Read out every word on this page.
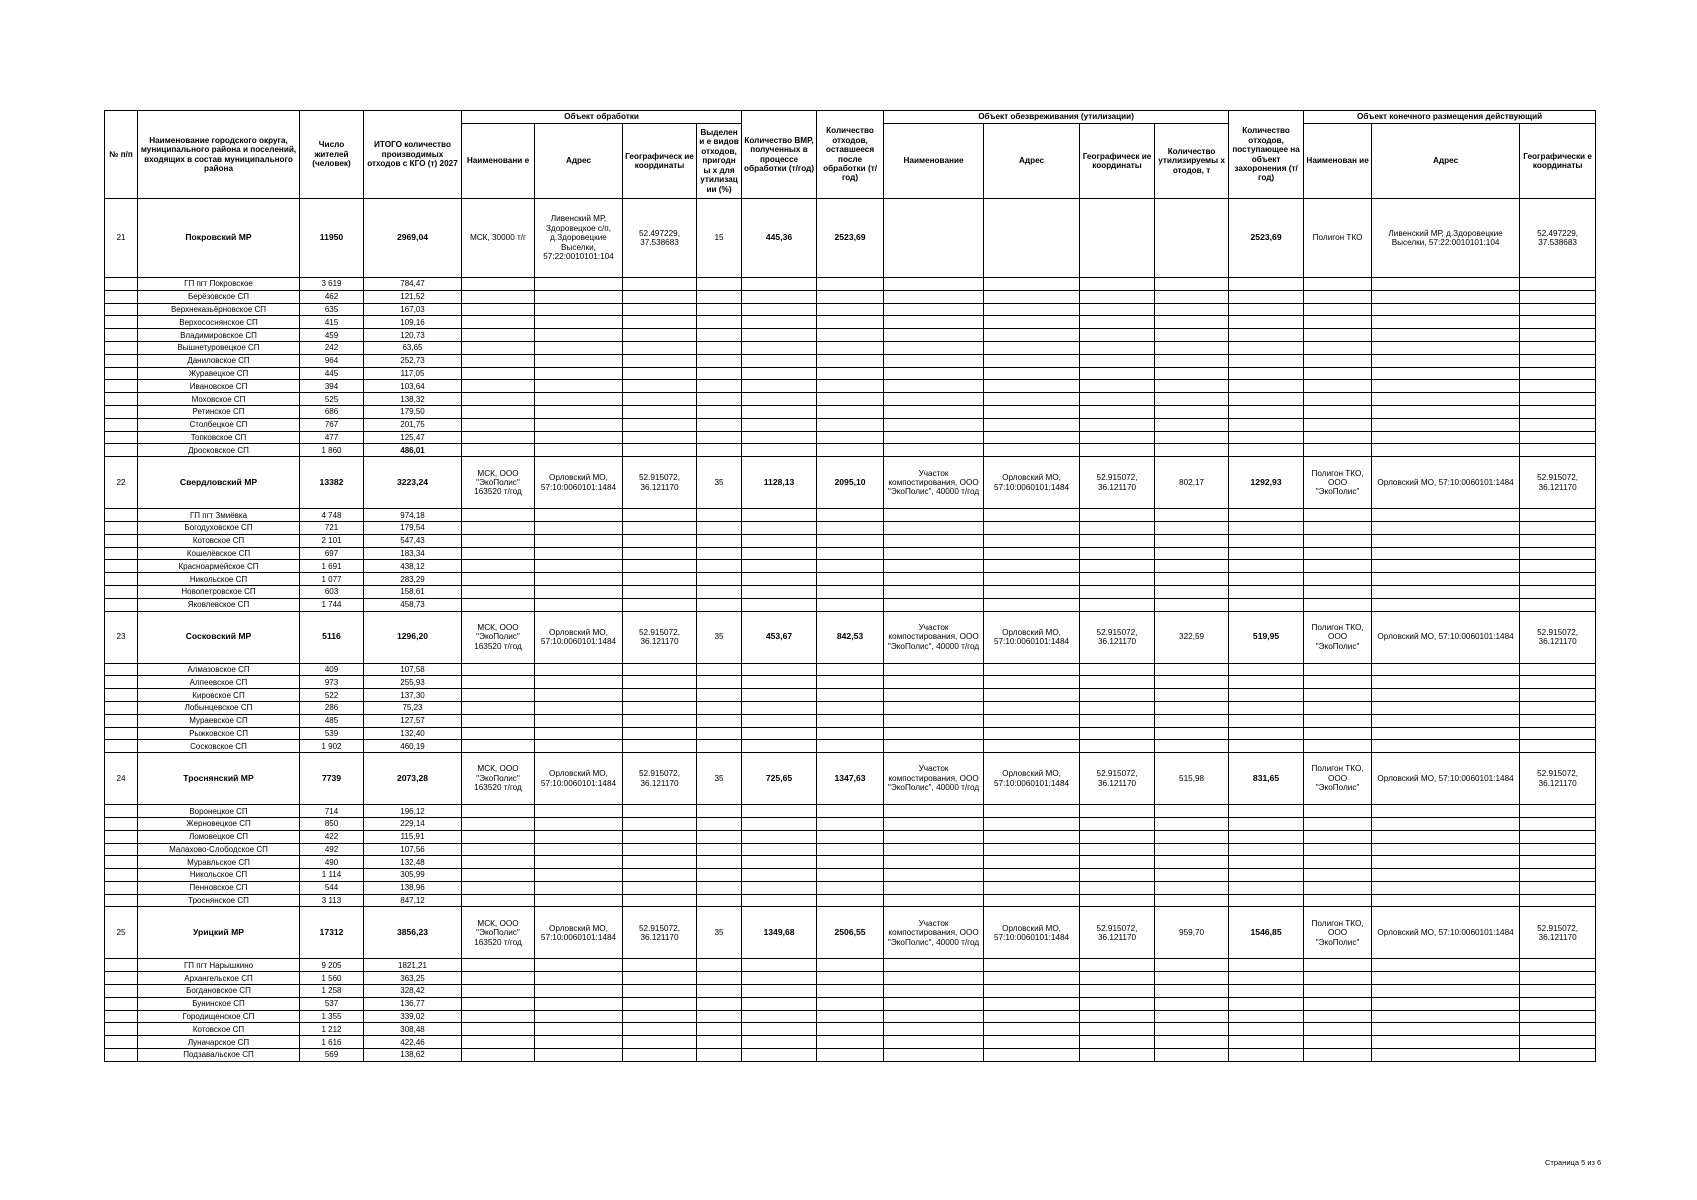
№ п/п	Наименование городского округа, муниципального района и поселений, входящих в состав муниципального района	Число жителей (человек)	ИТОГО количество производимых отходов с КГО (т) 2027	Объект обработки				Количество ВМР, полученных в процессе обработки (т/год)	Количество отходов, оставшееся после обработки (т/год)	Объект обезвреживания (утилизации)				Количество отходов, поступающее на объект захоронения (т/год)	Объект конечного размещения действующий		
				Наименовани е	Адрес	Географическ ие координаты	Выделени е видов отходов, пригодны х для утилизац ии (%)			Наименование	Адрес	Географическ ие координаты	Количество утилизируемы х отодов, т		Наименован ие	Адрес	Географически е координаты
21	Покровский МР	11950	2969,04	МСК, 30000 т/г	Ливенский МР, Здоровецкое с/п, д.Здоровецкие Выселки, 57:22:0010101:104	52.497229, 37.538683	15	445,36	2523,69					2523,69	Полигон ТКО	Ливенский МР, д.Здоровецкие Выселки, 57:22:0010101:104	52.497229, 37.538683
	ГП пгт Покровское	3 619	784,47														
	Берёзовское СП	462	121,52														
	Верхнеказьёрновское СП	635	167,03														
	Верхососнянское СП	415	109,16														
	Владимировское СП	459	120,73														
	Вышнетуровецкое СП	242	63,65														
	Даниловское СП	964	252,73														
	Журавецкое СП	445	117,05														
	Ивановское СП	394	103,64														
	Моховское СП	525	138,32														
	Ретинское СП	686	179,50														
	Столбецкое СП	767	201,75														
	Топковское СП	477	125,47														
	Дросковское СП	1 860	486,01														
22	Свердловский МР	13382	3223,24	МСК, ООО "ЭкоПолис" 163520 т/год	Орловский МО, 57:10:0060101:1484	52.915072, 36.121170	35	1128,13	2095,10	Участок компостирования, ООО "ЭкоПолис", 40000 т/год	Орловский МО, 57:10:0060101:1484	52.915072, 36.121170	802,17	1292,93	Полигон ТКО, ООО "ЭкоПолис"	Орловский МО, 57:10:0060101:1484	52.915072, 36.121170
	ГП пгт Змиёвка	4 748	974,18														
	Богодуховское СП	721	179,54														
	Котовское СП	2 101	547,43														
	Кошелёвское СП	697	183,34														
	Красноармейское СП	1 691	438,12														
	Никольское СП	1 077	283,29														
	Новопетровское СП	603	158,61														
	Яковлевское СП	1 744	458,73														
23	Сосковский МР	5116	1296,20	МСК, ООО "ЭкоПолис" 163520 т/год	Орловский МО, 57:10:0060101:1484	52.915072, 36.121170	35	453,67	842,53	Участок компостирования, ООО "ЭкоПолис", 40000 т/год	Орловский МО, 57:10:0060101:1484	52.915072, 36.121170	322,59	519,95	Полигон ТКО, ООО "ЭкоПолис"	Орловский МО, 57:10:0060101:1484	52.915072, 36.121170
	Алмазовское СП	409	107,58														
	Алпеевское СП	973	255,93														
	Кировское СП	522	137,30														
	Лобынцевское СП	286	75,23														
	Мураевское СП	485	127,57														
	Рыжковское СП	539	132,40														
	Сосковское СП	1 902	460,19														
24	Троснянский МР	7739	2073,28	МСК, ООО "ЭкоПолис" 163520 т/год	Орловский МО, 57:10:0060101:1484	52.915072, 36.121170	35	725,65	1347,63	Участок компостирования, ООО "ЭкоПолис", 40000 т/год	Орловский МО, 57:10:0060101:1484	52.915072, 36.121170	515,98	831,65	Полигон ТКО, ООО "ЭкоПолис"	Орловский МО, 57:10:0060101:1484	52.915072, 36.121170
	Воронецкое СП	714	196,12														
	Жерновецкое СП	850	229,14														
	Ломовецкое СП	422	115,91														
	Малахово-Слободское СП	492	107,56														
	Муравльское СП	490	132,48														
	Никольское СП	1 114	305,99														
	Пенновское СП	544	138,96														
	Троснянское СП	3 113	847,12														
25	Урицкий МР	17312	3856,23	МСК, ООО "ЭкоПолис" 163520 т/год	Орловский МО, 57:10:0060101:1484	52.915072, 36.121170	35	1349,68	2506,55	Участок компостирования, ООО "ЭкоПолис", 40000 т/год	Орловский МО, 57:10:0060101:1484	52.915072, 36.121170	959,70	1546,85	Полигон ТКО, ООО "ЭкоПолис"	Орловский МО, 57:10:0060101:1484	52.915072, 36.121170
	ГП пгт Нарышкино	9 205	1821,21														
	Архангельское СП	1 560	363,25														
	Богдановское СП	1 258	328,42														
	Бунинское СП	537	136,77														
	Городищенское СП	1 355	339,02														
	Котовское СП	1 212	308,48														
	Луначарское СП	1 616	422,46														
	Подзавальское СП	569	138,62														
Страница 5 из 6
